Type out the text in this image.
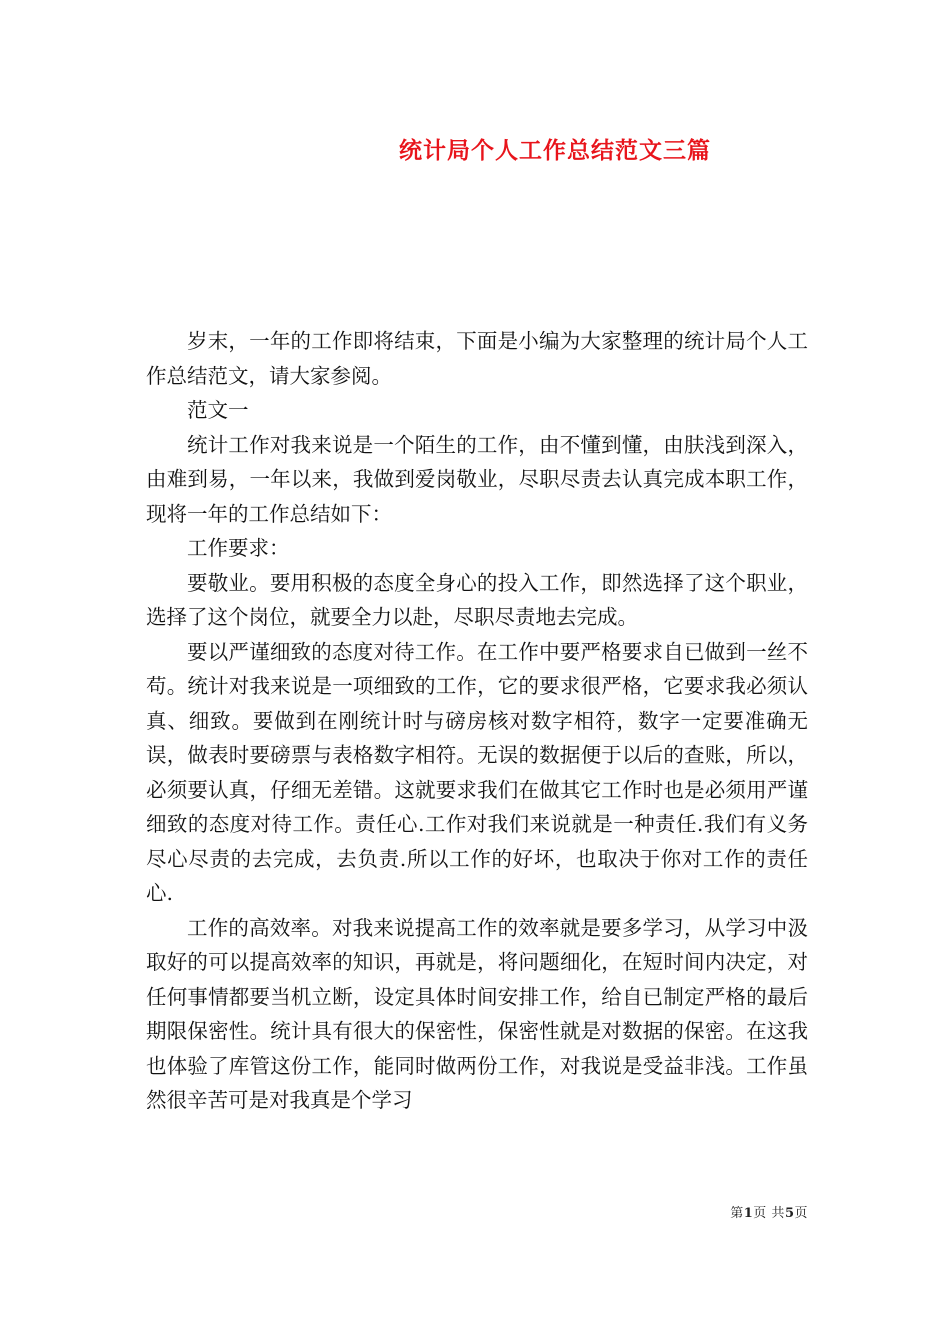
统计局个人工作总结范文三篇

岁末，一年的工作即将结束，下面是小编为大家整理的统计局个人工作总结范文，请大家参阅。

范文一

统计工作对我来说是一个陌生的工作，由不懂到懂，由肤浅到深入，由难到易，一年以来，我做到爱岗敬业，尽职尽责去认真完成本职工作，现将一年的工作总结如下：

工作要求：

要敬业。要用积极的态度全身心的投入工作，即然选择了这个职业，选择了这个岗位，就要全力以赴，尽职尽责地去完成。

要以严谨细致的态度对待工作。在工作中要严格要求自已做到一丝不苟。统计对我来说是一项细致的工作，它的要求很严格，它要求我必须认真、细致。要做到在刚统计时与磅房核对数字相符，数字一定要准确无误，做表时要磅票与表格数字相符。无误的数据便于以后的查账，所以，必须要认真，仔细无差错。这就要求我们在做其它工作时也是必须用严谨细致的态度对待工作。责任心.工作对我们来说就是一种责任.我们有义务尽心尽责的去完成，去负责.所以工作的好坏，也取决于你对工作的责任心.

工作的高效率。对我来说提高工作的效率就是要多学习，从学习中汲取好的可以提高效率的知识，再就是，将问题细化，在短时间内决定，对任何事情都要当机立断，设定具体时间安排工作，给自已制定严格的最后期限保密性。统计具有很大的保密性，保密性就是对数据的保密。在这我也体验了库管这份工作，能同时做两份工作，对我说是受益非浅。工作虽然很辛苦可是对我真是个学习

第1页 共5页
